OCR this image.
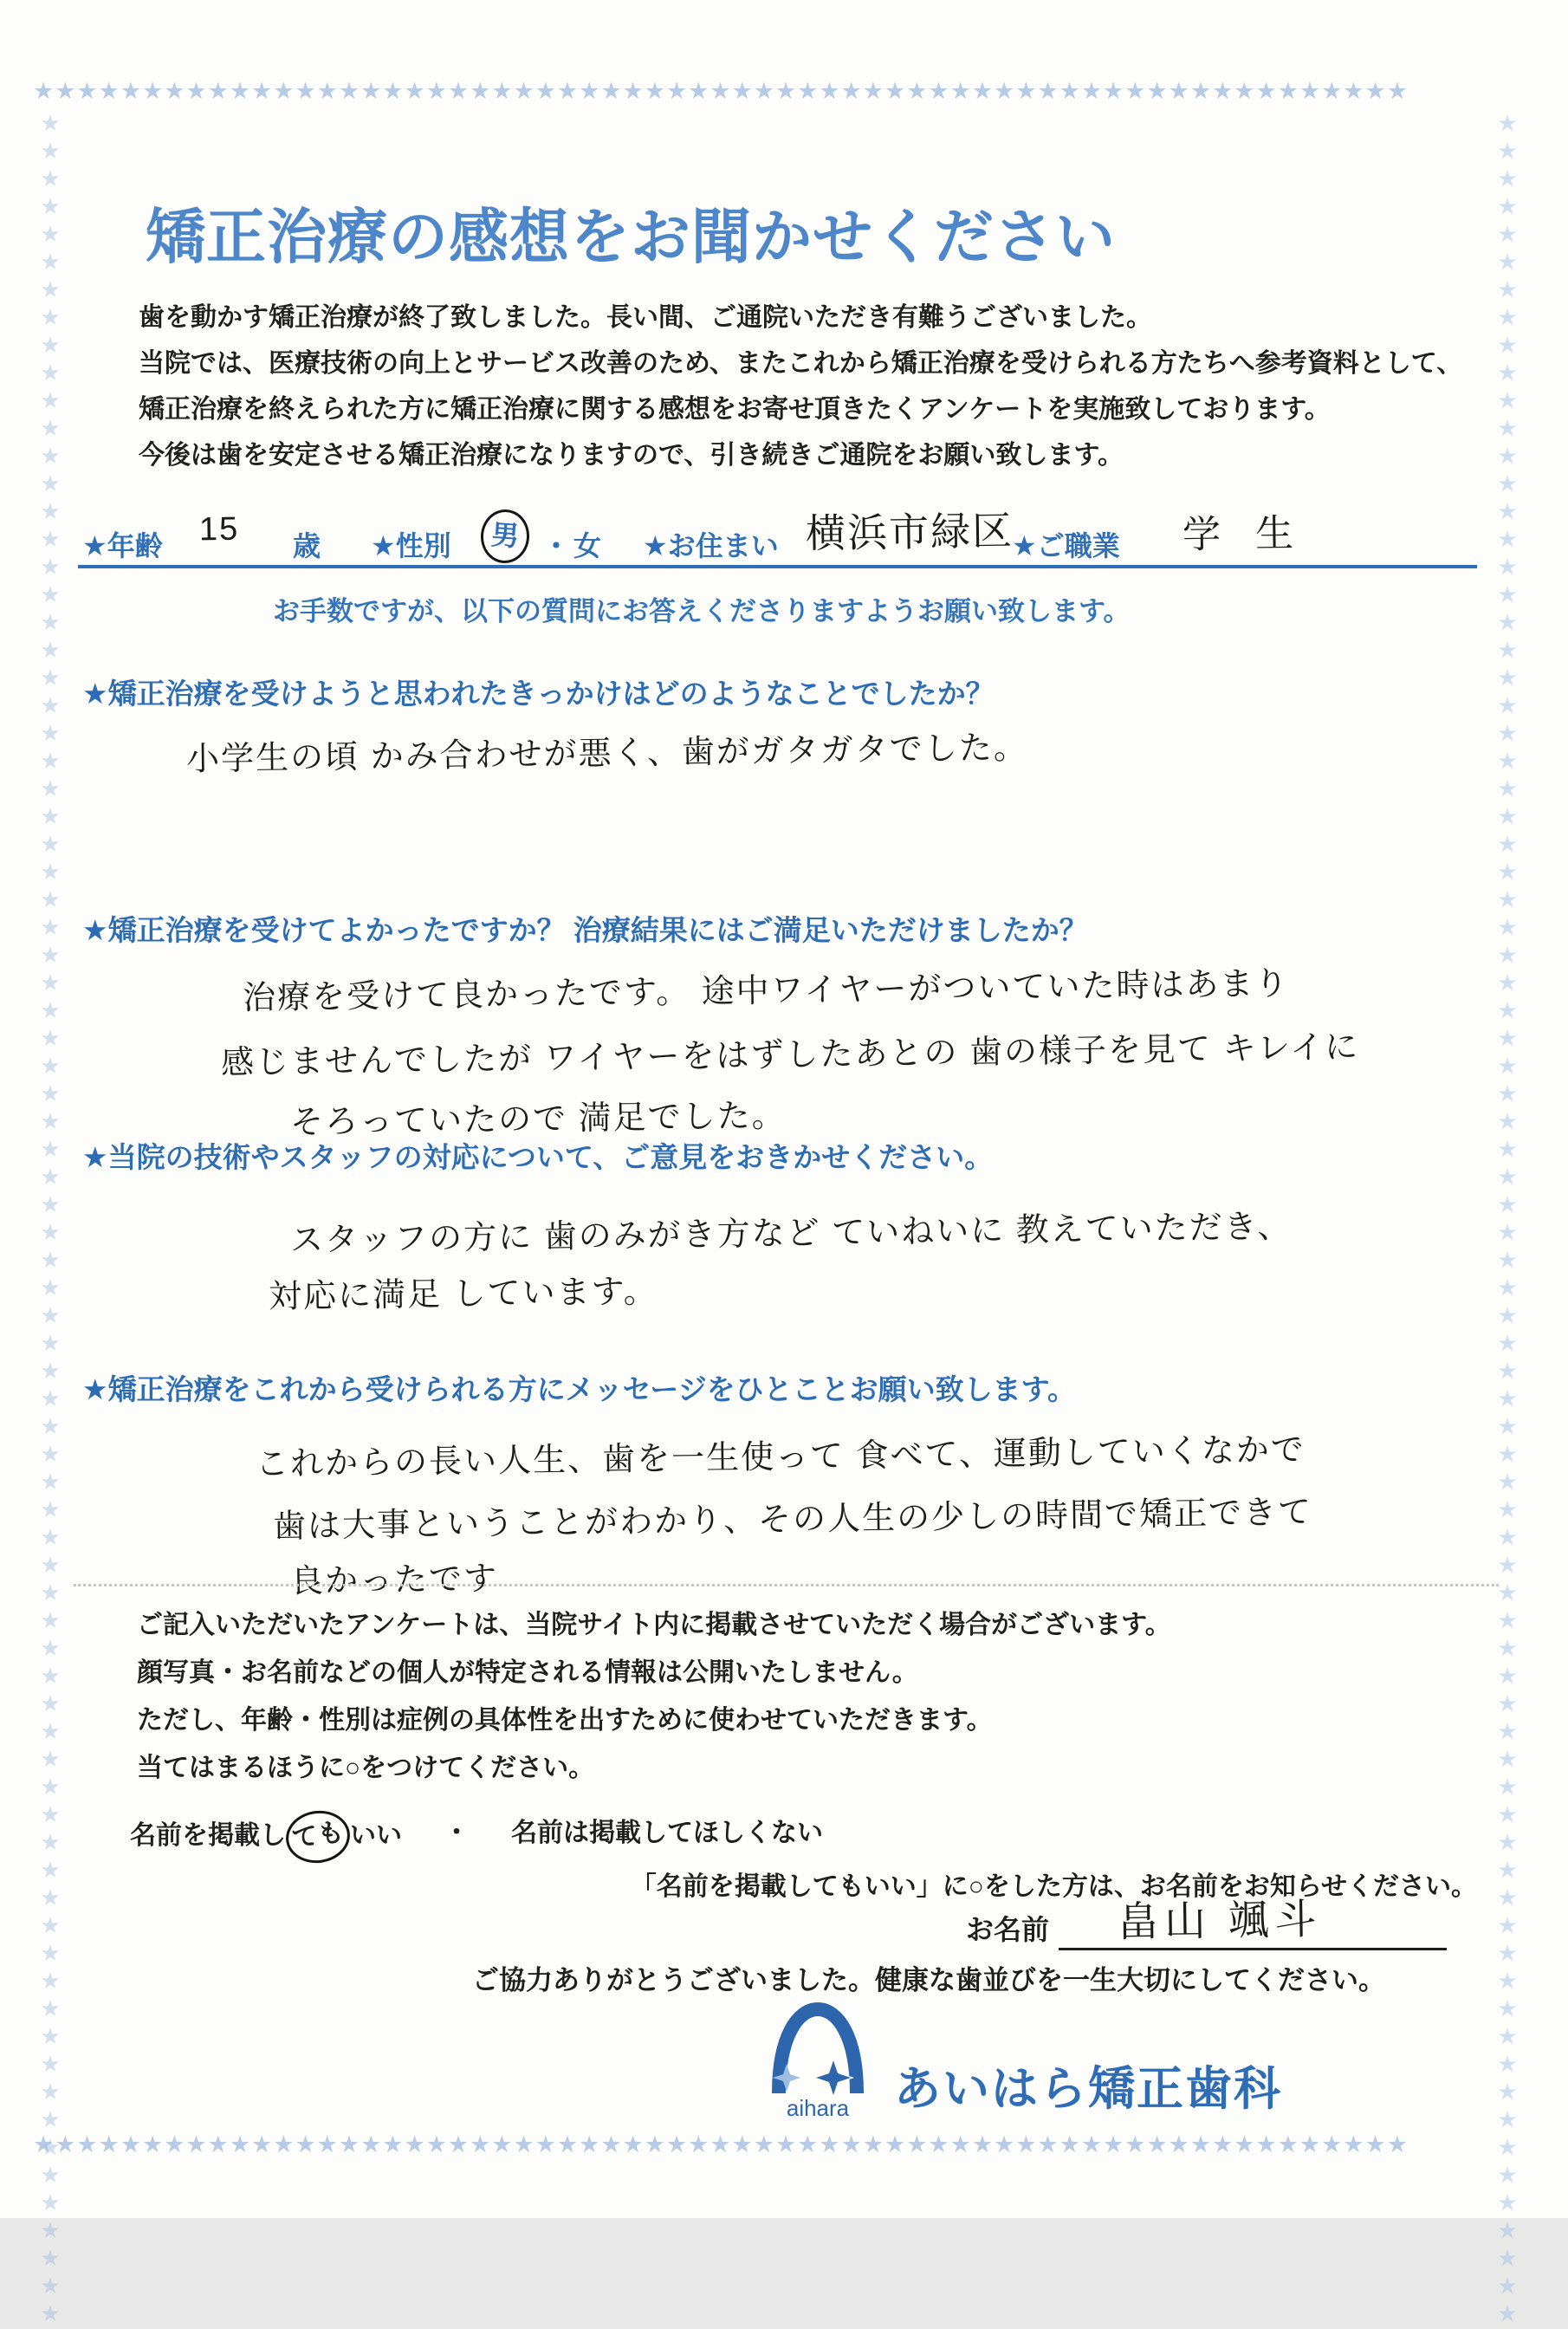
★★★★★★★★★★★★★★★★★★★★★★★★★★★★★★★★★★★★★★★★★★★★★★★★★★★★★★★★★★★★★★★
★★★★★★★★★★★★★★★★★★★★★★★★★★★★★★★★★★★★★★★★★★★★★★★★★★★★★★★★★★★★★★★
★★★★★★★★★★★★★★★★★★★★★★★★★★★★★★★★★★★★★★★★★★★★★★★★★★★★★★★★★★★★★★★★★★★★★★★★★★★★★★★★	★★★★★★★★★★★★★★★★★★★★★★★★★★★★★★★★★★★★★★★★★★★★★★★★★★★★★★★★★★★★★★★★★★★★★★★★★★★★★★★★
矯正治療の感想をお聞かせください
歯を動かす矯正治療が終了致しました。長い間、ご通院いただき有難うございました。
当院では、医療技術の向上とサービス改善のため、またこれから矯正治療を受けられる方たちへ参考資料として、
矯正治療を終えられた方に矯正治療に関する感想をお寄せ頂きたくアンケートを実施致しております。
今後は歯を安定させる矯正治療になりますので、引き続きご通院をお願い致します。
★年齢 15 歳 ★性別	男 ・ 女 ★お住まい 横浜市緑区
★ご職業 学生
お手数ですが、以下の質問にお答えくださりますようお願い致します。
★矯正治療を受けようと思われたきっかけはどのようなことでしたか？
小学生の頃 かみ合わせが悪く、歯がガタガタでした。
★矯正治療を受けてよかったですか？ 治療結果にはご満足いただけましたか？
治療を受けて良かったです。 途中ワイヤーがついていた時はあまり
感じませんでしたが ワイヤーをはずしたあとの 歯の様子を見て キレイに
そろっていたので 満足でした。
★当院の技術やスタッフの対応について、ご意見をおきかせください。
スタッフの方に 歯のみがき方など ていねいに 教えていただき、
対応に満足 しています。
★矯正治療をこれから受けられる方にメッセージをひとことお願い致します。
これからの長い人生、歯を一生使って 食べて、運動していくなかで
歯は大事ということがわかり、その人生の少しの時間で矯正できて
良かったです
ご記入いただいたアンケートは、当院サイト内に掲載させていただく場合がございます。
顔写真・お名前などの個人が特定される情報は公開いたしません。
ただし、年齢・性別は症例の具体性を出すために使わせていただきます。
当てはまるほうに○をつけてください。
名前を掲載し ても いい ・ 名前は掲載してほしくない
「名前を掲載してもいい」に○をした方は、お名前をお知らせください。
お名前 畠山 颯斗
ご協力ありがとうございました。健康な歯並びを一生大切にしてください。
aihara あいはら矯正歯科
